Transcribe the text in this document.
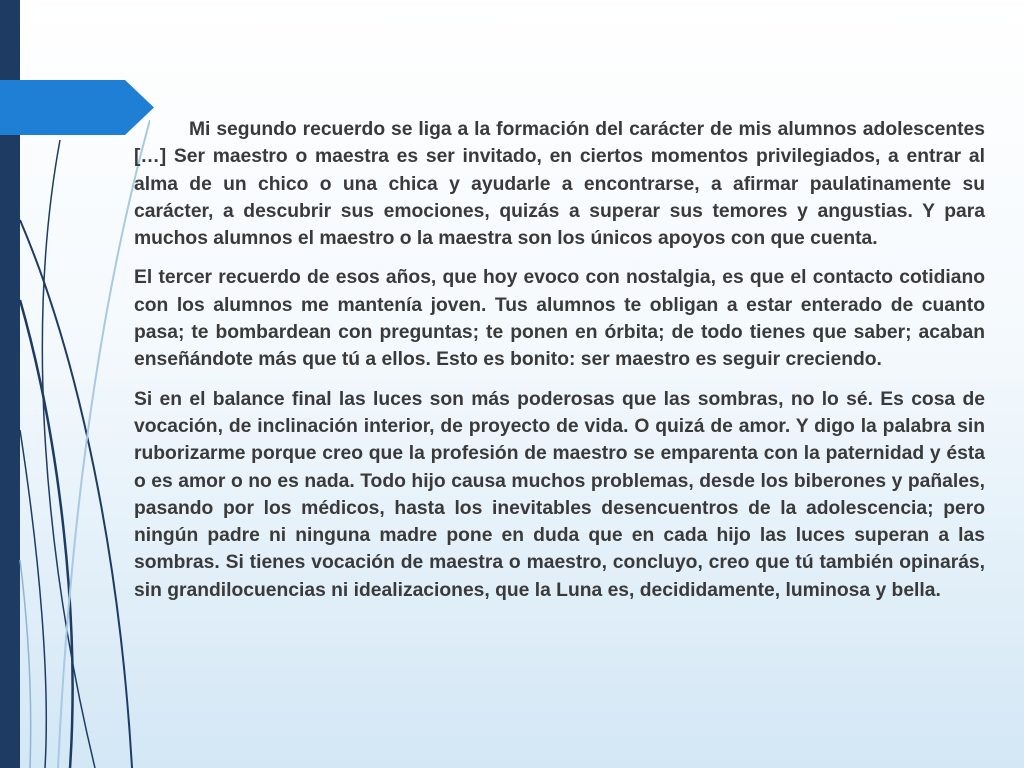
Mi segundo recuerdo se liga a la formación del carácter de mis alumnos adolescentes […] Ser maestro o maestra es ser invitado, en ciertos momentos privilegiados, a entrar al alma de un chico o una chica y ayudarle a encontrarse, a afirmar paulatinamente su carácter, a descubrir sus emociones, quizás a superar sus temores y angustias. Y para muchos alumnos el maestro o la maestra son los únicos apoyos con que cuenta.

El tercer recuerdo de esos años, que hoy evoco con nostalgia, es que el contacto cotidiano con los alumnos me mantenía joven. Tus alumnos te obligan a estar enterado de cuanto pasa; te bombardean con preguntas; te ponen en órbita; de todo tienes que saber; acaban enseñándote más que tú a ellos. Esto es bonito: ser maestro es seguir creciendo.

Si en el balance final las luces son más poderosas que las sombras, no lo sé. Es cosa de vocación, de inclinación interior, de proyecto de vida. O quizá de amor. Y digo la palabra sin ruborizarme porque creo que la profesión de maestro se emparenta con la paternidad y ésta o es amor o no es nada. Todo hijo causa muchos problemas, desde los biberones y pañales, pasando por los médicos, hasta los inevitables desencuentros de la adolescencia; pero ningún padre ni ninguna madre pone en duda que en cada hijo las luces superan a las sombras. Si tienes vocación de maestra o maestro, concluyo, creo que tú también opinarás, sin grandilocuencias ni idealizaciones, que la Luna es, decididamente, luminosa y bella.
